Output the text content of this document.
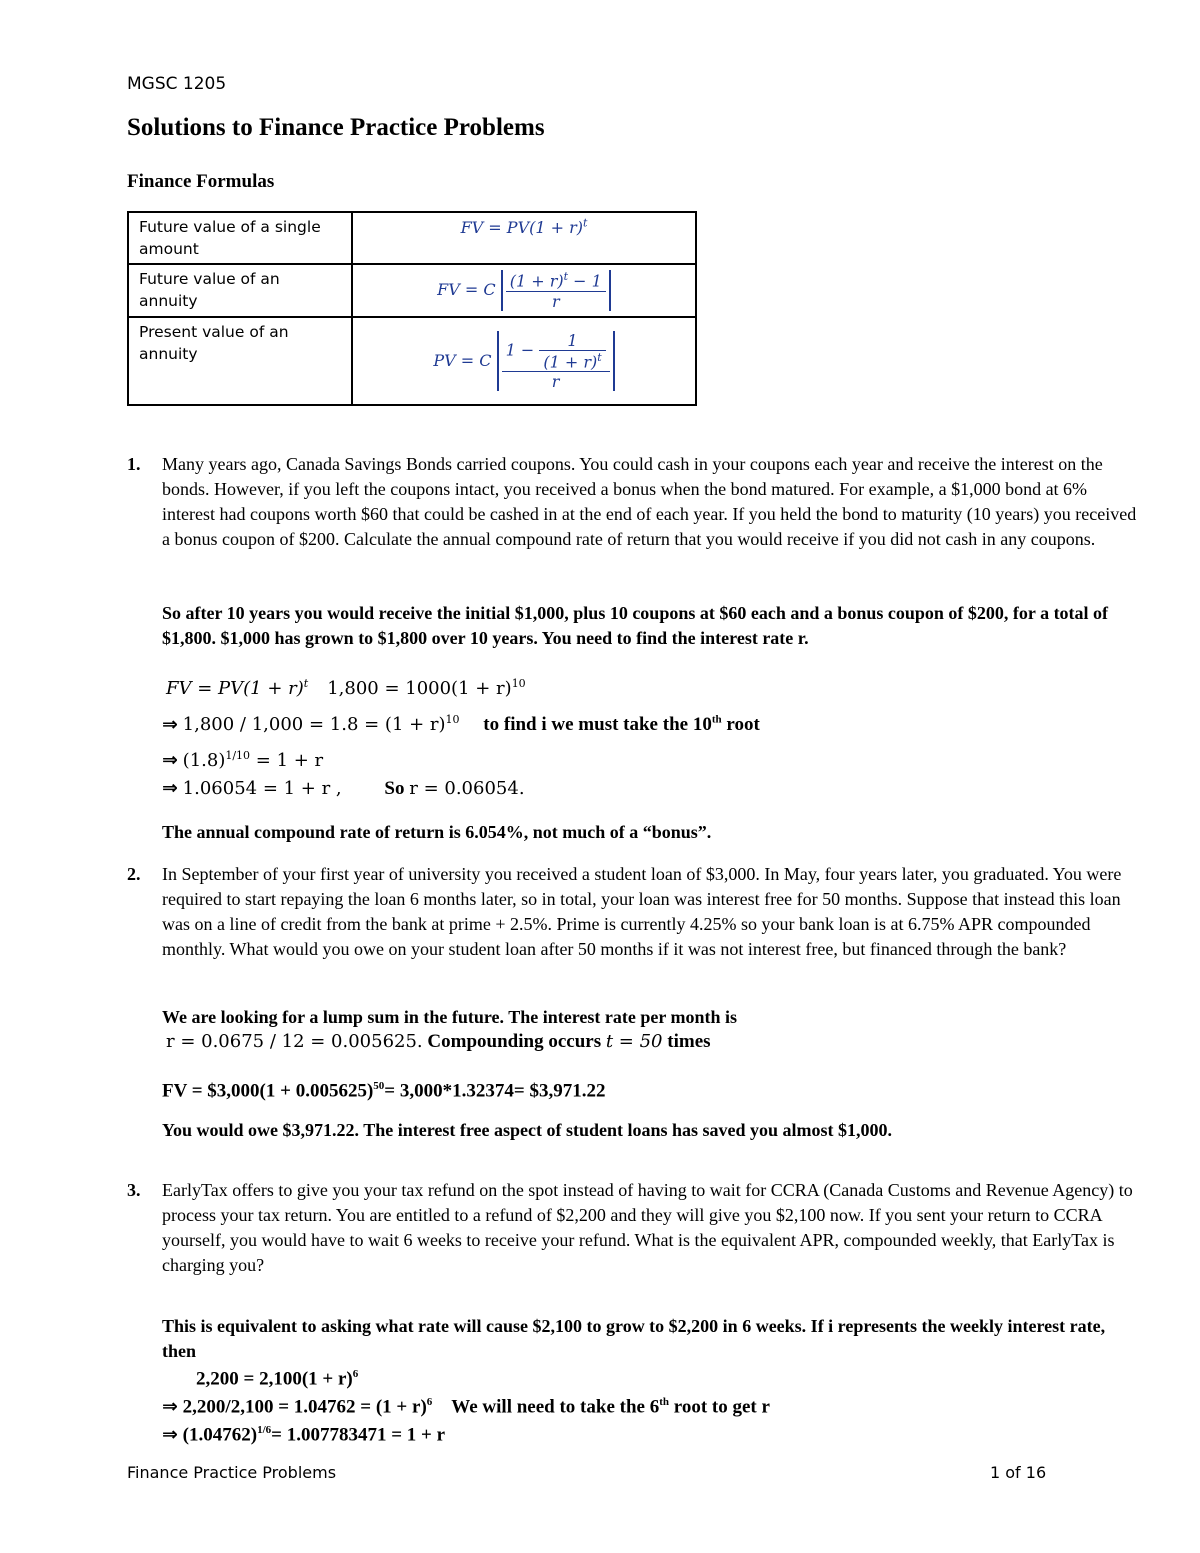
MGSC 1205
Solutions to Finance Practice Problems
Finance Formulas
Future value of a single amount	FV = $PV(1 + r)^t$
Future value of an annuity	FV = C $\frac{(1 + r)^t - 1}{r}$

Present value of an annuity	PV = C $\frac{1 - \frac{1}{(1 + r)^t}}{r}$
1. Many years ago, Canada Savings Bonds carried coupons. You could cash in your coupons each year and receive the interest on the bonds. However, if you left the coupons intact, you received a bonus when the bond matured. For example, a $1,000 bond at 6% interest had coupons worth $60 that could be cashed in at the end of each year. If you held the bond to maturity (10 years) you received a bonus coupon of $200. Calculate the annual compound rate of return that you would receive if you did not cash in any coupons.
So after 10 years you would receive the initial $1,000, plus 10 coupons at $60 each and a bonus coupon of $200, for a total of $1,800. $1,000 has grown to $1,800 over 10 years. You need to find the interest rate r.
FV = $PV(1 + r)^t$ $1,800 = 1000(1 + r)^{10}$
⇒ $1,800 / 1,000 = 1.8 = (1 + r)^{10}$ to find i we must take the 10th root
⇒ $(1.8)^{1/10} = 1 + r$
⇒ 1.06054 = 1 + r , So r = 0.06054.
The annual compound rate of return is 6.054%, not much of a “bonus”.
2. In September of your first year of university you received a student loan of $3,000. In May, four years later, you graduated. You were required to start repaying the loan 6 months later, so in total, your loan was interest free for 50 months. Suppose that instead this loan was on a line of credit from the bank at prime + 2.5%. Prime is currently 4.25% so your bank loan is at 6.75% APR compounded monthly. What would you owe on your student loan after 50 months if it was not interest free, but financed through the bank?
We are looking for a lump sum in the future. The interest rate per month is
r = 0.0675 / 12 = 0.005625. Compounding occurs t = 50 times
FV = $3,000(1 + 0.005625)$^{50}$= 3,000*1.32374= $3,971.22
You would owe $3,971.22. The interest free aspect of student loans has saved you almost $1,000.
3. EarlyTax offers to give you your tax refund on the spot instead of having to wait for CCRA (Canada Customs and Revenue Agency) to process your tax return. You are entitled to a refund of $2,200 and they will give you $2,100 now. If you sent your return to CCRA yourself, you would have to wait 6 weeks to receive your refund. What is the equivalent APR, compounded weekly, that EarlyTax is charging you?
This is equivalent to asking what rate will cause $2,100 to grow to $2,200 in 6 weeks. If i represents the weekly interest rate, then
$2,200 = 2,100(1 + r)^6$
⇒ $2,200/2,100 = 1.04762 = (1 + r)^6$ We will need to take the 6th root to get r
⇒ $(1.04762)^{1/6}= 1.007783471 = 1 + r$
Finance Practice Problems	1 of 16
